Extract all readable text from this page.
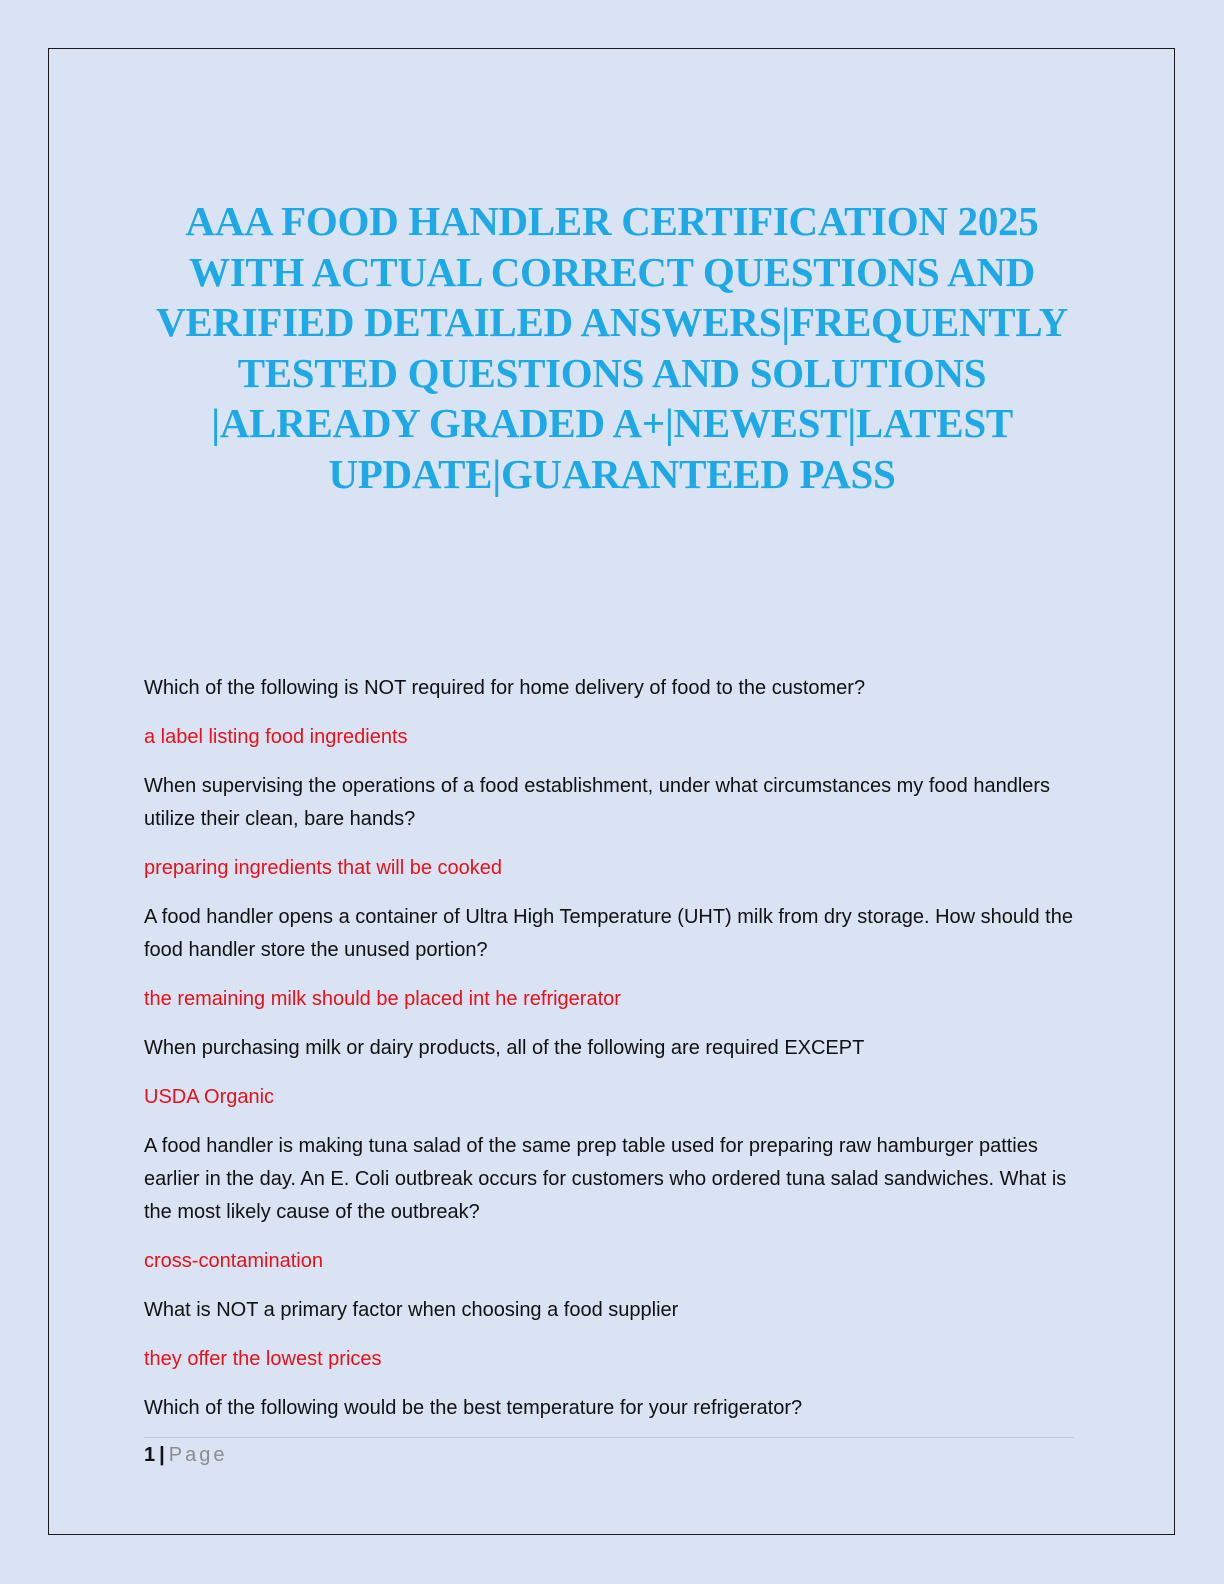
AAA FOOD HANDLER CERTIFICATION 2025 WITH ACTUAL CORRECT QUESTIONS AND VERIFIED DETAILED ANSWERS|FREQUENTLY TESTED QUESTIONS AND SOLUTIONS |ALREADY GRADED A+|NEWEST|LATEST UPDATE|GUARANTEED PASS

Which of the following is NOT required for home delivery of food to the customer?

a label listing food ingredients

When supervising the operations of a food establishment, under what circumstances my food handlers utilize their clean, bare hands?

preparing ingredients that will be cooked

A food handler opens a container of Ultra High Temperature (UHT) milk from dry storage. How should the food handler store the unused portion?

the remaining milk should be placed int he refrigerator

When purchasing milk or dairy products, all of the following are required EXCEPT

USDA Organic

A food handler is making tuna salad of the same prep table used for preparing raw hamburger patties earlier in the day. An E. Coli outbreak occurs for customers who ordered tuna salad sandwiches. What is the most likely cause of the outbreak?

cross-contamination

What is NOT a primary factor when choosing a food supplier

they offer the lowest prices

Which of the following would be the best temperature for your refrigerator?

1 | Page
